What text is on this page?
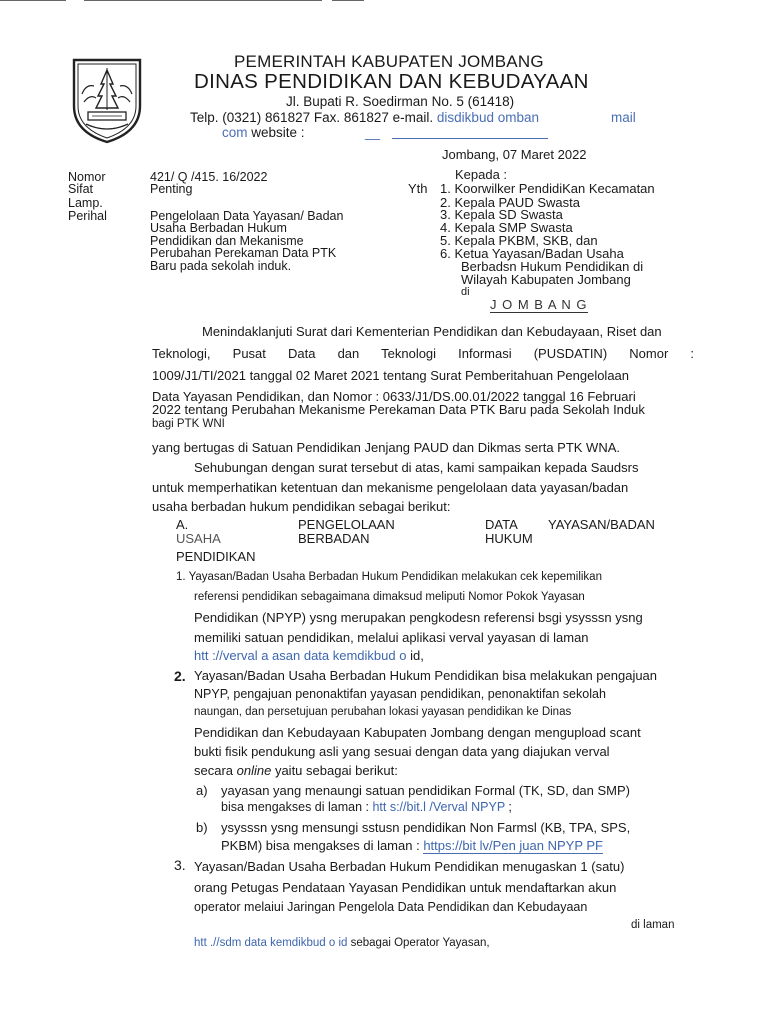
PEMERINTAH KABUPATEN JOMBANG
DINAS PENDIDIKAN DAN KEBUDAYAAN
Jl. Bupati R. Soedirman No. 5 (61418)
Telp. (0321) 861827 Fax. 861827 e-mail. disdikbud omban	mail
com website :	__
Jombang, 07 Maret 2022
Nomor	421/ Q /415. 16/2022
Sifat	Penting
Lamp.
Perihal	Pengelolaan Data Yayasan/ Badan
Usaha Berbadan Hukum
Pendidikan dan Mekanisme
Perubahan Perekaman Data PTK
Baru pada sekolah induk.
Kepada :
Yth 1. Koorwilker PendidiKan Kecamatan
2. Kepala PAUD Swasta
3. Kepala SD Swasta
4. Kepala SMP Swasta
5. Kepala PKBM, SKB, dan
6. Ketua Yayasan/Badan Usaha
Berbadsn Hukum Pendidikan di
Wilayah Kabupaten Jombang
di
J O M B A N G
Menindaklanjuti Surat dari Kementerian Pendidikan dan Kebudayaan, Riset dan
Teknologi, Pusat Data dan Teknologi Informasi (PUSDATIN) Nomor :
1009/J1/TI/2021 tanggal 02 Maret 2021 tentang Surat Pemberitahuan Pengelolaan
Data Yayasan Pendidikan, dan Nomor : 0633/J1/DS.00.01/2022 tanggal 16 Februari
2022 tentang Perubahan Mekanisme Perekaman Data PTK Baru pada Sekolah Induk
bagi PTK WNI
yang bertugas di Satuan Pendidikan Jenjang PAUD dan Dikmas serta PTK WNA.
Sehubungan dengan surat tersebut di atas, kami sampaikan kepada Saudsrs
untuk memperhatikan ketentuan dan mekanisme pengelolaan data yayasan/badan
usaha berbadan hukum pendidikan sebagai berikut:
A.
USAHA
PENGELOLAAN
BERBADAN
DATA YAYASAN/BADAN
HUKUM
PENDIDIKAN
1. Yayasan/Badan Usaha Berbadan Hukum Pendidikan melakukan cek kepemilikan
referensi pendidikan sebagaimana dimaksud meliputi Nomor Pokok Yayasan
Pendidikan (NPYP) ysng merupakan pengkodesn referensi bsgi ysysssn ysng
memiliki satuan pendidikan, melalui aplikasi verval yayasan di laman
htt ://verval a asan data kemdikbud o id,
2. Yayasan/Badan Usaha Berbadan Hukum Pendidikan bisa melakukan pengajuan
NPYP, pengajuan penonaktifan yayasan pendidikan, penonaktifan sekolah
naungan, dan persetujuan perubahan lokasi yayasan pendidikan ke Dinas
Pendidikan dan Kebudayaan Kabupaten Jombang dengan mengupload scant
bukti fisik pendukung asli yang sesuai dengan data yang diajukan verval
secara online yaitu sebagai berikut:
a) yayasan yang menaungi satuan pendidikan Formal (TK, SD, dan SMP)
bisa mengakses di laman : htt s://bit.l /Verval NPYP ;
b) ysysssn ysng mensungi sstusn pendidikan Non Farmsl (KB, TPA, SPS,
PKBM) bisa mengakses di laman : https://bit lv/Pen juan NPYP PF
3. Yayasan/Badan Usaha Berbadan Hukum Pendidikan menugaskan 1 (satu)
orang Petugas Pendataan Yayasan Pendidikan untuk mendaftarkan akun
operator melaiui Jaringan Pengelola Data Pendidikan dan Kebudayaan
di laman
htt .//sdm data kemdikbud o id sebagai Operator Yayasan,
